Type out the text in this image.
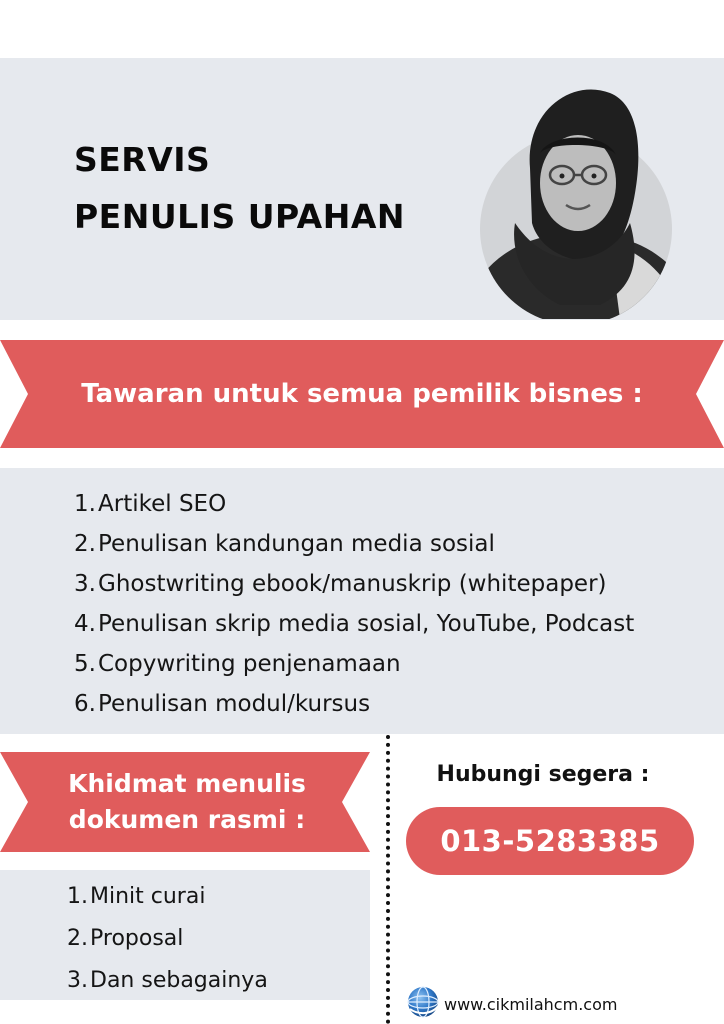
SERVIS
PENULIS UPAHAN
Tawaran untuk semua pemilik bisnes :
1. Artikel SEO
2. Penulisan kandungan media sosial
3. Ghostwriting ebook/manuskrip (whitepaper)
4. Penulisan skrip media sosial, YouTube, Podcast
5. Copywriting penjenamaan
6. Penulisan modul/kursus
Khidmat menulis
dokumen rasmi :
1. Minit curai
2. Proposal
3. Dan sebagainya
Hubungi segera :
013-5283385
www.cikmilahcm.com
